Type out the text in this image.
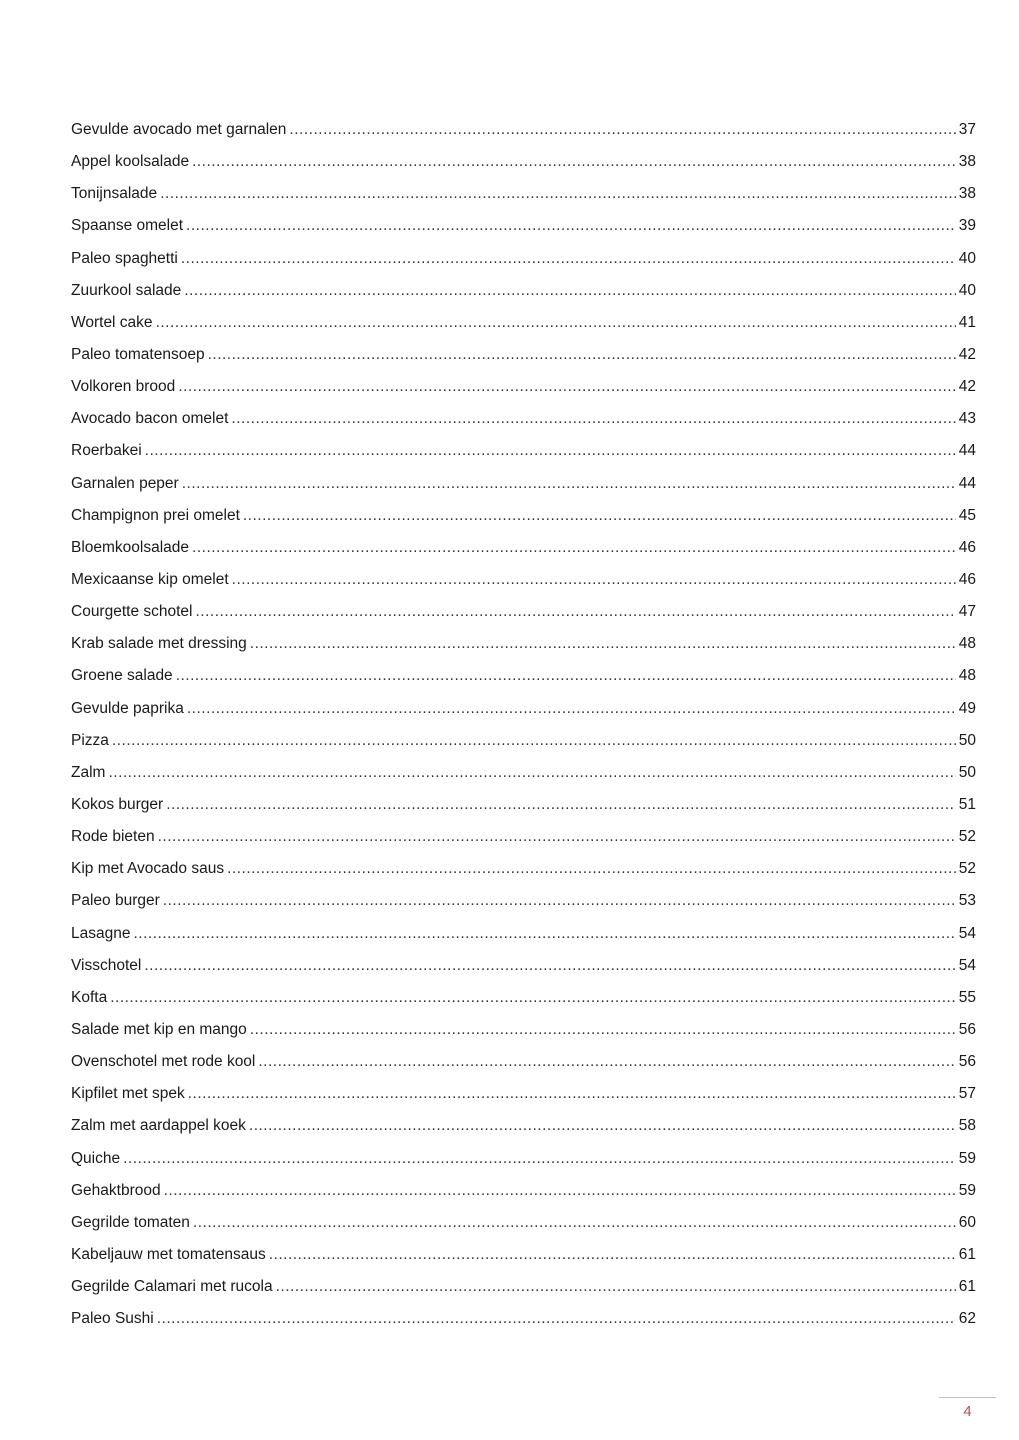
Gevulde avocado met garnalen .....	37
Appel koolsalade .....	38
Tonijnsalade .....	38
Spaanse omelet .....	39
Paleo spaghetti .....	40
Zuurkool salade .....	40
Wortel cake .....	41
Paleo tomatensoep .....	42
Volkoren brood .....	42
Avocado bacon omelet .....	43
Roerbakei .....	44
Garnalen peper .....	44
Champignon prei omelet .....	45
Bloemkoolsalade .....	46
Mexicaanse kip omelet .....	46
Courgette schotel .....	47
Krab salade met dressing .....	48
Groene salade .....	48
Gevulde paprika .....	49
Pizza .....	50
Zalm .....	50
Kokos burger .....	51
Rode bieten .....	52
Kip met Avocado saus .....	52
Paleo burger .....	53
Lasagne .....	54
Visschotel .....	54
Kofta .....	55
Salade met kip en mango .....	56
Ovenschotel met rode kool .....	56
Kipfilet met spek .....	57
Zalm met aardappel koek .....	58
Quiche .....	59
Gehaktbrood .....	59
Gegrilde tomaten .....	60
Kabeljauw met tomatensaus .....	61
Gegrilde Calamari met rucola .....	61
Paleo Sushi .....	62
4
